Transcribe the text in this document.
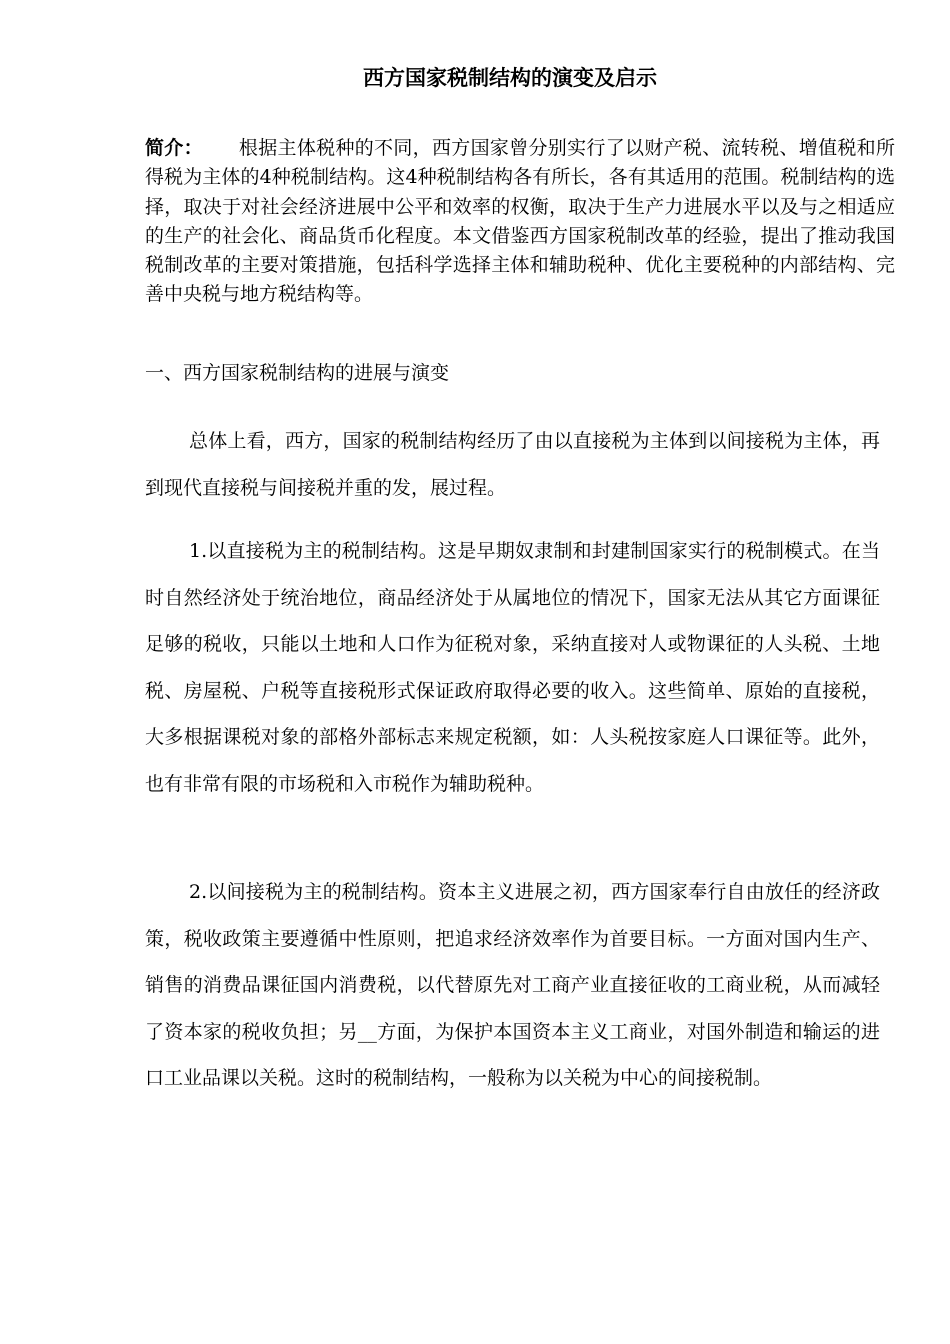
西方国家税制结构的演变及启示

简介： 根据主体税种的不同，西方国家曾分别实行了以财产税、流转税、增值税和所得税为主体的4种税制结构。这4种税制结构各有所长，各有其适用的范围。税制结构的选择，取决于对社会经济进展中公平和效率的权衡，取决于生产力进展水平以及与之相适应的生产的社会化、商品货币化程度。本文借鉴西方国家税制改革的经验，提出了推动我国税制改革的主要对策措施，包括科学选择主体和辅助税种、优化主要税种的内部结构、完善中央税与地方税结构等。

一、西方国家税制结构的进展与演变

总体上看，西方，国家的税制结构经历了由以直接税为主体到以间接税为主体，再到现代直接税与间接税并重的发，展过程。

1.以直接税为主的税制结构。这是早期奴隶制和封建制国家实行的税制模式。在当时自然经济处于统治地位，商品经济处于从属地位的情况下，国家无法从其它方面课征足够的税收，只能以土地和人口作为征税对象，采纳直接对人或物课征的人头税、土地税、房屋税、户税等直接税形式保证政府取得必要的收入。这些简单、原始的直接税，大多根据课税对象的部格外部标志来规定税额，如：人头税按家庭人口课征等。此外，也有非常有限的市场税和入市税作为辅助税种。

2.以间接税为主的税制结构。资本主义进展之初，西方国家奉行自由放任的经济政策，税收政策主要遵循中性原则，把追求经济效率作为首要目标。一方面对国内生产、销售的消费品课征国内消费税，以代替原先对工商产业直接征收的工商业税，从而减轻了资本家的税收负担；另__方面，为保护本国资本主义工商业，对国外制造和输运的进口工业品课以关税。这时的税制结构，一般称为以关税为中心的间接税制。
